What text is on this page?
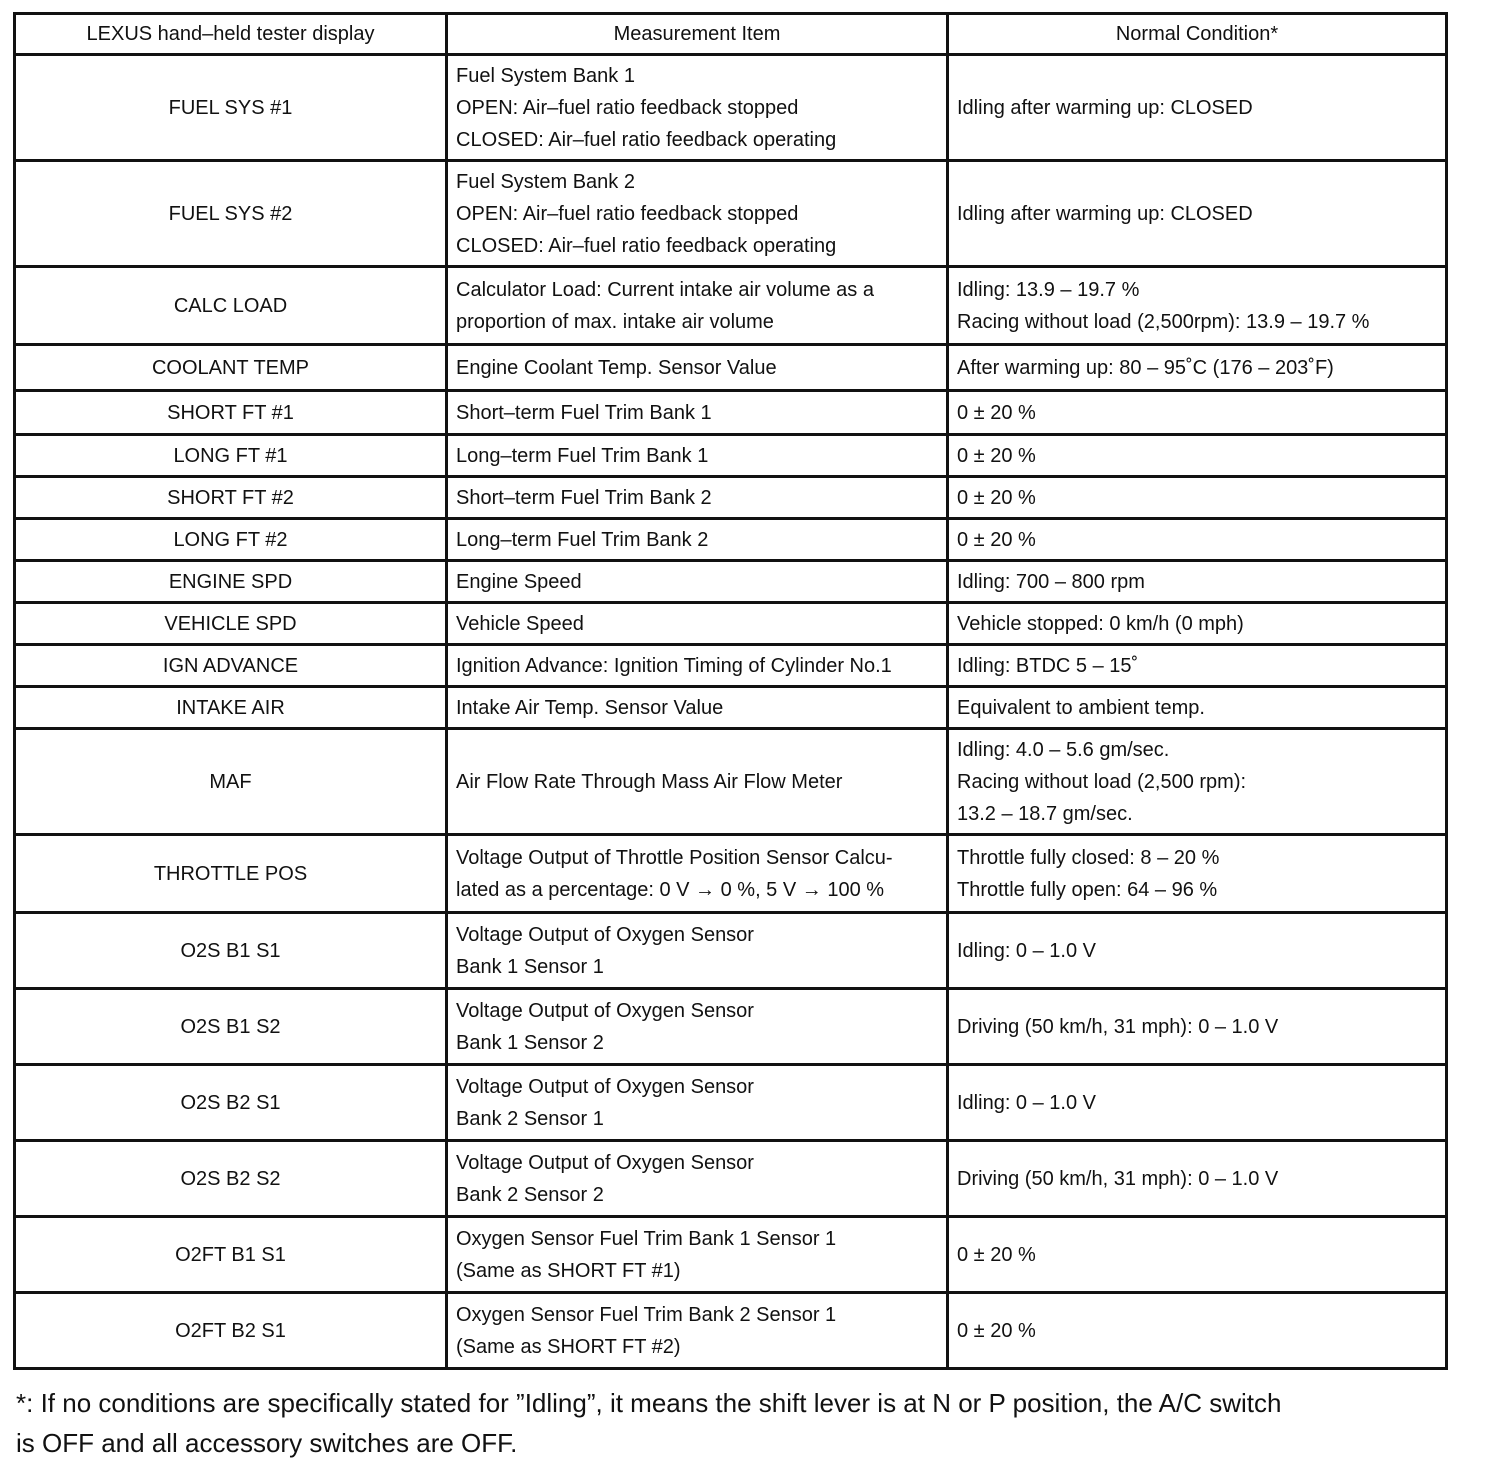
LEXUS hand–held tester display	Measurement Item	Normal Condition*
FUEL SYS #1	Fuel System Bank 1
OPEN: Air–fuel ratio feedback stopped
CLOSED: Air–fuel ratio feedback operating	Idling after warming up: CLOSED

FUEL SYS #2	Fuel System Bank 2
OPEN: Air–fuel ratio feedback stopped
CLOSED: Air–fuel ratio feedback operating	Idling after warming up: CLOSED

CALC LOAD	Calculator Load: Current intake air volume as a
proportion of max. intake air volume	Idling: 13.9 – 19.7 %
Racing without load (2,500rpm): 13.9 – 19.7 %

COOLANT TEMP	Engine Coolant Temp. Sensor Value	After warming up: 80 – 95˚C (176 – 203˚F)

SHORT FT #1	Short–term Fuel Trim Bank 1	0 ± 20 %

LONG FT #1	Long–term Fuel Trim Bank 1	0 ± 20 %

SHORT FT #2	Short–term Fuel Trim Bank 2	0 ± 20 %

LONG FT #2	Long–term Fuel Trim Bank 2	0 ± 20 %

ENGINE SPD	Engine Speed	Idling: 700 – 800 rpm

VEHICLE SPD	Vehicle Speed	Vehicle stopped: 0 km/h (0 mph)

IGN ADVANCE	Ignition Advance: Ignition Timing of Cylinder No.1	Idling: BTDC 5 – 15˚

INTAKE AIR	Intake Air Temp. Sensor Value	Equivalent to ambient temp.

MAF	Air Flow Rate Through Mass Air Flow Meter	Idling: 4.0 – 5.6 gm/sec.
Racing without load (2,500 rpm):
13.2 – 18.7 gm/sec.

THROTTLE POS	Voltage Output of Throttle Position Sensor Calcu-
lated as a percentage: 0 V → 0 %, 5 V → 100 %	Throttle fully closed: 8 – 20 %
Throttle fully open: 64 – 96 %

O2S B1 S1	Voltage Output of Oxygen Sensor
Bank 1 Sensor 1	Idling: 0 – 1.0 V

O2S B1 S2	Voltage Output of Oxygen Sensor
Bank 1 Sensor 2	Driving (50 km/h, 31 mph): 0 – 1.0 V

O2S B2 S1	Voltage Output of Oxygen Sensor
Bank 2 Sensor 1	Idling: 0 – 1.0 V

O2S B2 S2	Voltage Output of Oxygen Sensor
Bank 2 Sensor 2	Driving (50 km/h, 31 mph): 0 – 1.0 V

O2FT B1 S1	Oxygen Sensor Fuel Trim Bank 1 Sensor 1
(Same as SHORT FT #1)	0 ± 20 %

O2FT B2 S1	Oxygen Sensor Fuel Trim Bank 2 Sensor 1
(Same as SHORT FT #2)	0 ± 20 %
*: If no conditions are specifically stated for ”Idling”, it means the shift lever is at N or P position, the A/C switch
is OFF and all accessory switches are OFF.
